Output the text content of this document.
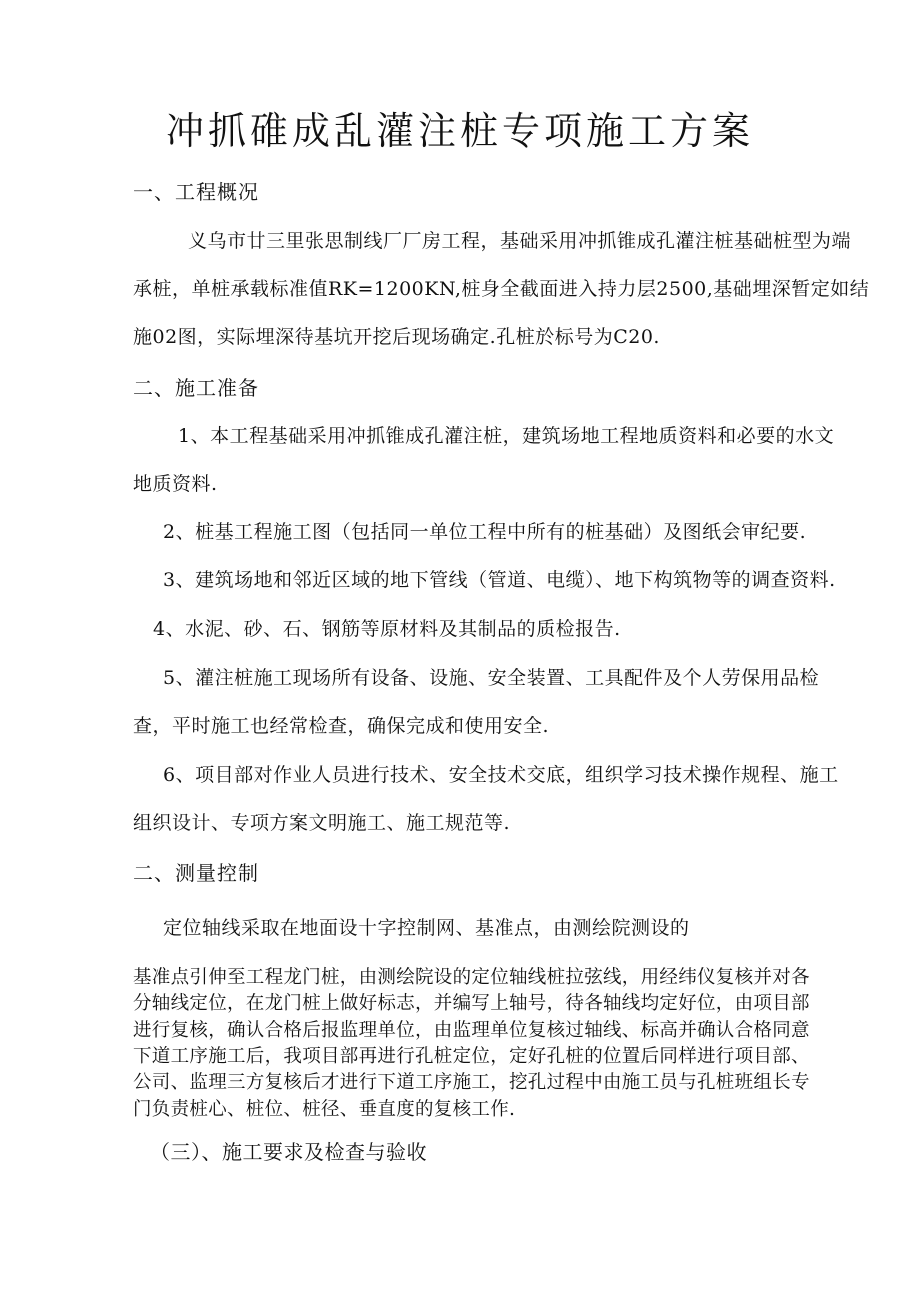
冲抓碓成乱灌注桩专项施工方案
一、工程概况
义乌市廿三里张思制线厂厂房工程，基础采用冲抓锥成孔灌注桩基础桩型为端
承桩，单桩承载标准值RK=1200KN,桩身全截面进入持力层2500,基础埋深暂定如结
施02图，实际埋深待基坑开挖后现场确定.孔桩於标号为C20.
二、施工准备
1、本工程基础采用冲抓锥成孔灌注桩，建筑场地工程地质资料和必要的水文
地质资料.
2、桩基工程施工图（包括同一单位工程中所有的桩基础）及图纸会审纪要.
3、建筑场地和邻近区域的地下管线（管道、电缆）、地下构筑物等的调查资料.
4、水泥、砂、石、钢筋等原材料及其制品的质检报告.
5、灌注桩施工现场所有设备、设施、安全装置、工具配件及个人劳保用品检
查，平时施工也经常检查，确保完成和使用安全.
6、项目部对作业人员进行技术、安全技术交底，组织学习技术操作规程、施工
组织设计、专项方案文明施工、施工规范等.
二、测量控制
定位轴线采取在地面设十字控制网、基准点，由测绘院测设的
基准点引伸至工程龙门桩，由测绘院设的定位轴线桩拉弦线，用经纬仪复核并对各
分轴线定位，在龙门桩上做好标志，并编写上轴号，待各轴线均定好位，由项目部
进行复核，确认合格后报监理单位，由监理单位复核过轴线、标高并确认合格同意
下道工序施工后，我项目部再进行孔桩定位，定好孔桩的位置后同样进行项目部、
公司、监理三方复核后才进行下道工序施工，挖孔过程中由施工员与孔桩班组长专
门负责桩心、桩位、桩径、垂直度的复核工作.
（三）、施工要求及检查与验收
